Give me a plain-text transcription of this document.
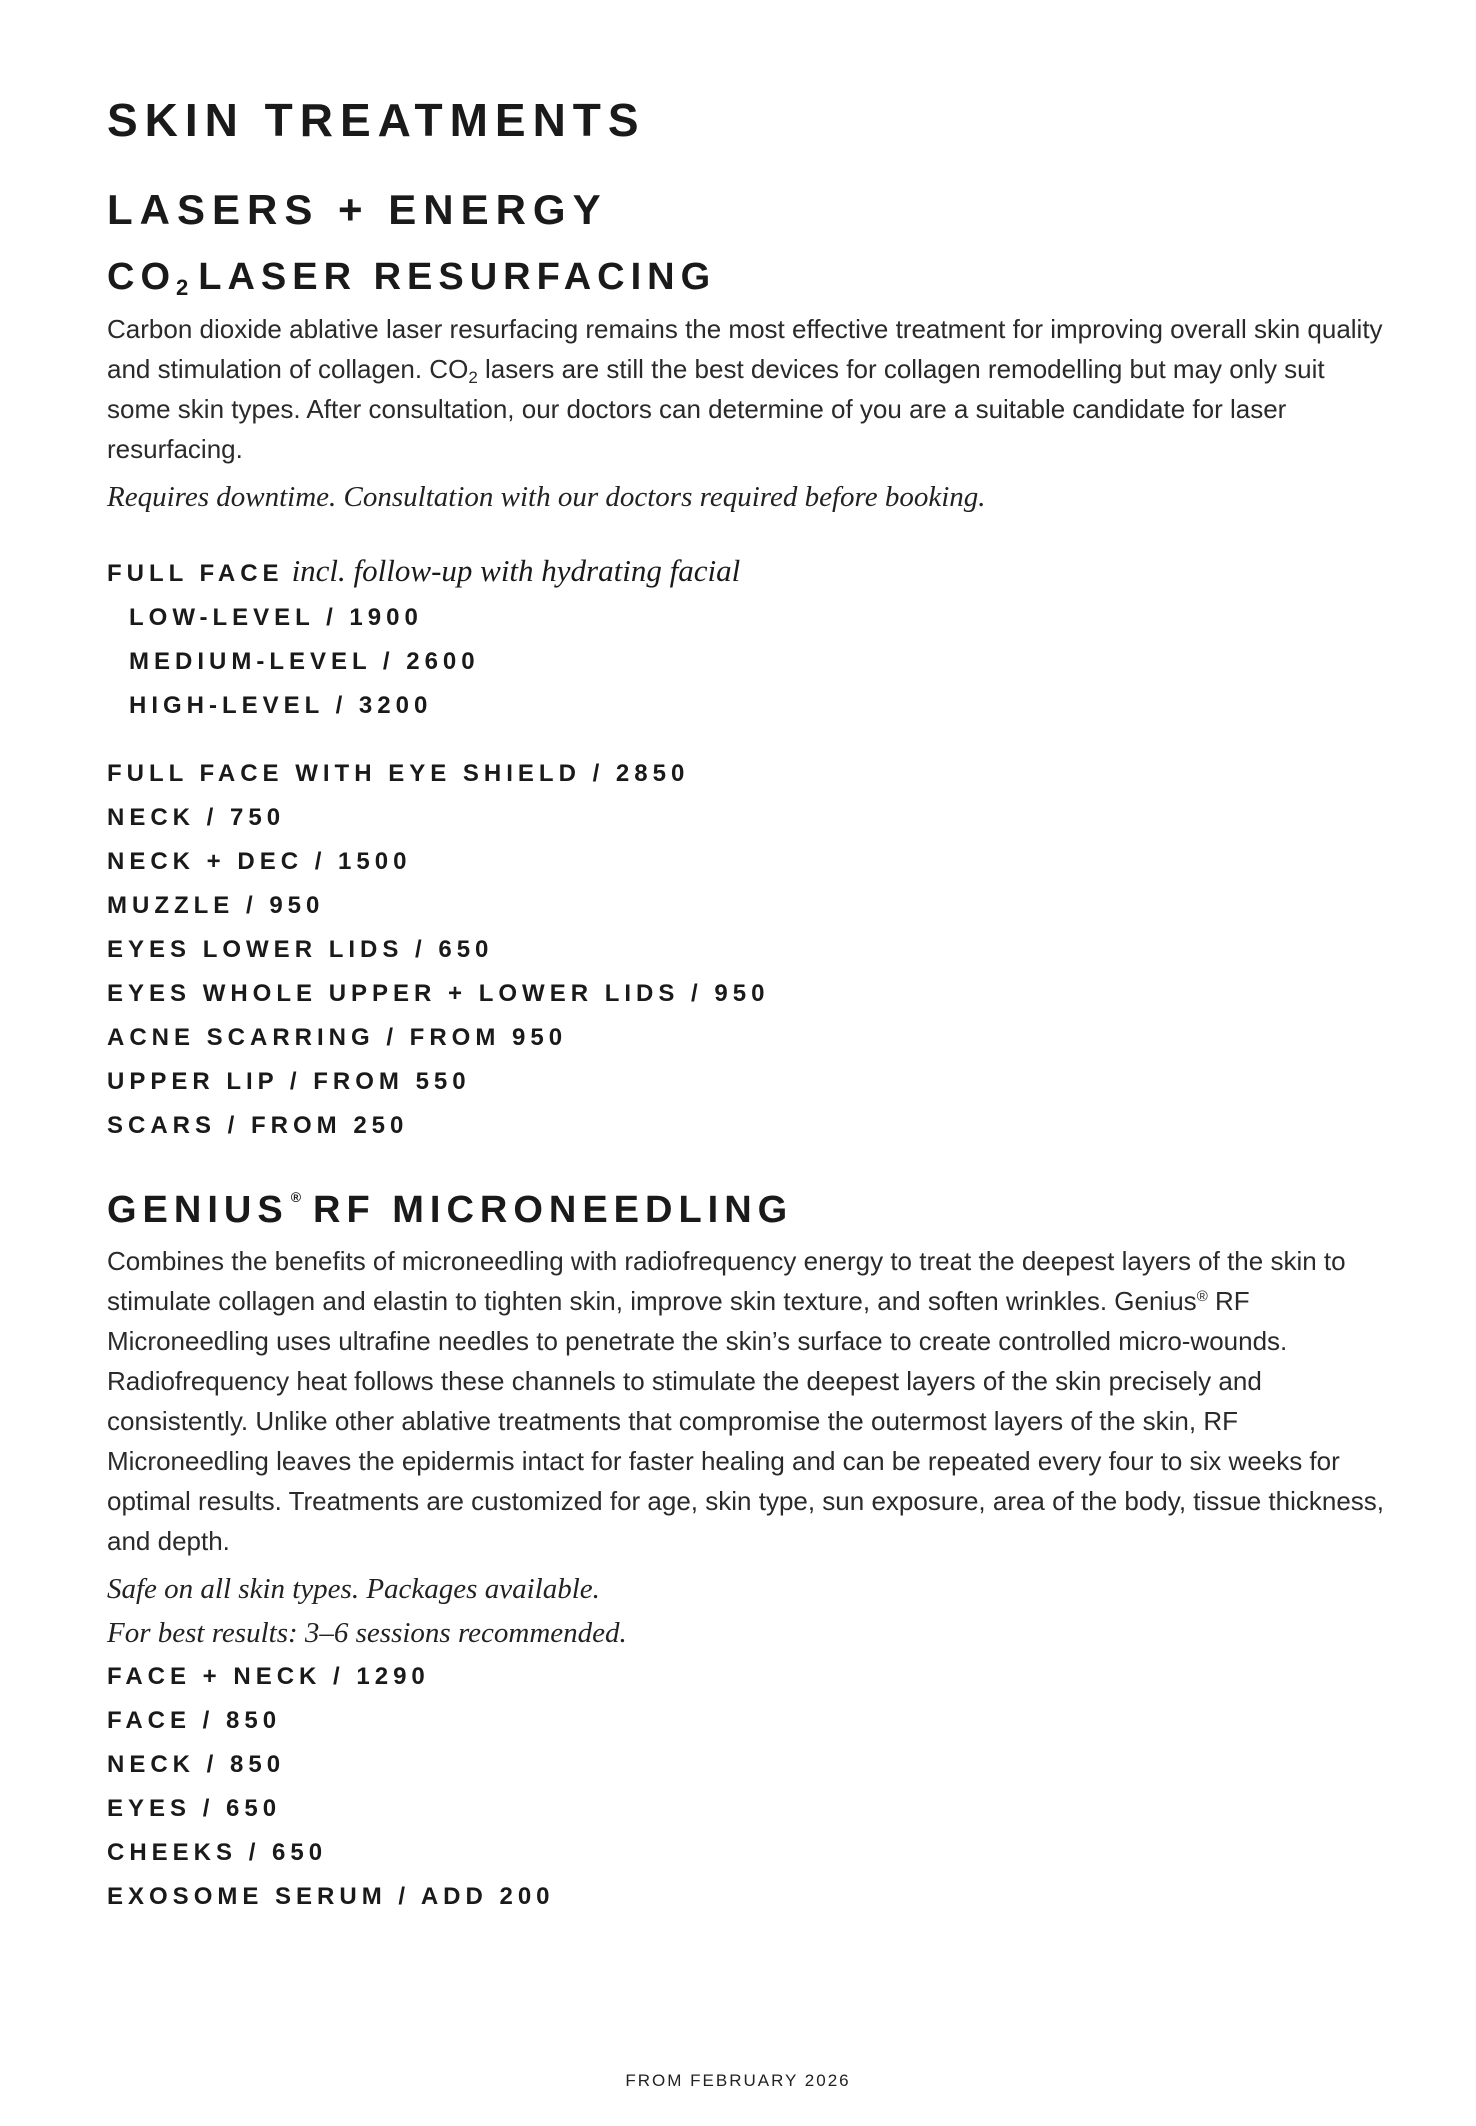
SKIN TREATMENTS
LASERS + ENERGY
$CO_2$ LASER RESURFACING

Carbon dioxide ablative laser resurfacing remains the most effective treatment for improving overall skin quality and stimulation of collagen. $CO_2$ lasers are still the best devices for collagen remodelling but may only suit some skin types. After consultation, our doctors can determine of you are a suitable candidate for laser resurfacing.

Requires downtime. Consultation with our doctors required before booking.

FULL FACE incl. follow-up with hydrating facial
LOW-LEVEL / 1900
MEDIUM-LEVEL / 2600
HIGH-LEVEL / 3200
FULL FACE WITH EYE SHIELD / 2850
NECK / 750
NECK + DEC / 1500
MUZZLE / 950
EYES LOWER LIDS / 650
EYES WHOLE UPPER + LOWER LIDS / 950
ACNE SCARRING / FROM 950
UPPER LIP / FROM 550
SCARS / FROM 250
GENIUS ® RF MICRONEEDLING

Combines the benefits of microneedling with radiofrequency energy to treat the deepest layers of the skin to stimulate collagen and elastin to tighten skin, improve skin texture, and soften wrinkles. Genius® RF Microneedling uses ultrafine needles to penetrate the skin’s surface to create controlled micro-wounds. Radiofrequency heat follows these channels to stimulate the deepest layers of the skin precisely and consistently. Unlike other ablative treatments that compromise the outermost layers of the skin, RF Microneedling leaves the epidermis intact for faster healing and can be repeated every four to six weeks for optimal results. Treatments are customized for age, skin type, sun exposure, area of the body, tissue thickness, and depth.

Safe on all skin types. Packages available.

For best results: 3–6 sessions recommended.

FACE + NECK / 1290
FACE / 850
NECK / 850
EYES / 650
CHEEKS / 650
EXOSOME SERUM / ADD 200
FROM FEBRUARY 2026
